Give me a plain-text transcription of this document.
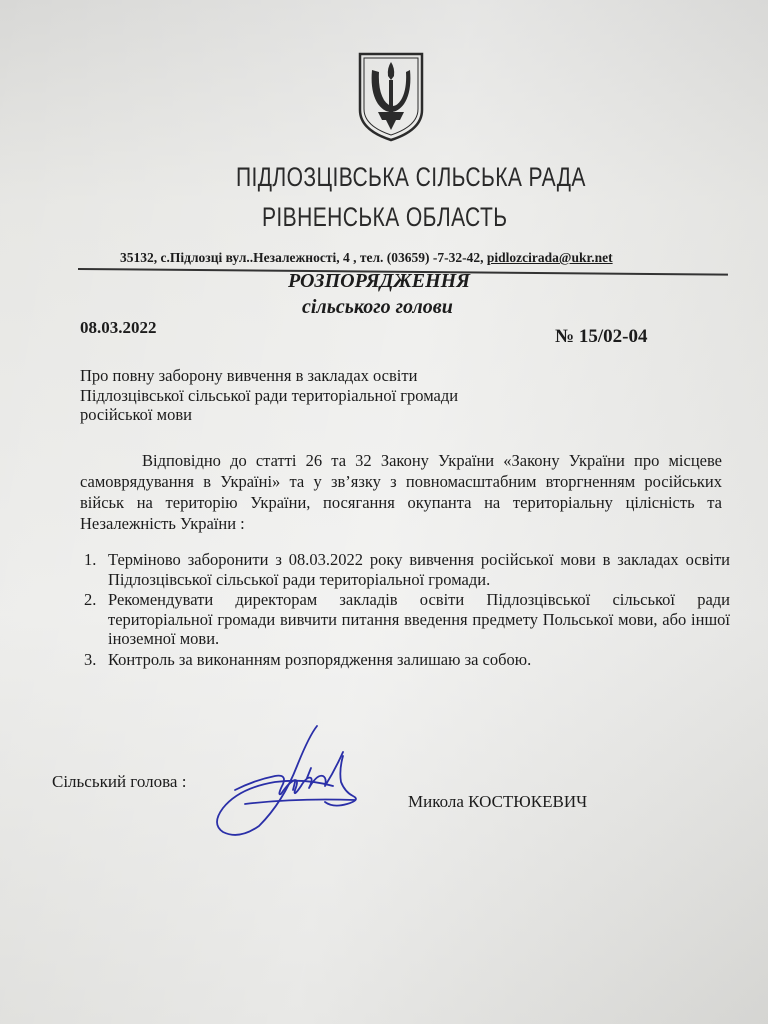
ПІДЛОЗЦІВСЬКА СІЛЬСЬКА РАДА
РІВНЕНСЬКА ОБЛАСТЬ
35132, с.Підлозці вул..Незалежності, 4 , тел. (03659) -7-32-42, pidlozcirada@ukr.net
РОЗПОРЯДЖЕННЯ
сільського голови
08.03.2022	№ 15/02-04
Про повну заборону вивчення в закладах освіти Підлозцівської сільської ради територіальної громади російської мови
Відповідно до статті 26 та 32 Закону України «Закону України про місцеве самоврядування в Україні» та у зв’язку з повномасштабним вторгненням російських військ на територію України, посягання окупанта на територіальну цілісність та Незалежність України :
1. Терміново заборонити з 08.03.2022 року вивчення російської мови в закладах освіти Підлозцівської сільської ради територіальної громади.
2. Рекомендувати директорам закладів освіти Підлозцівської сільської ради територіальної громади вивчити питання введення предмету Польської мови, або іншої іноземної мови.
3. Контроль за виконанням розпорядження залишаю за собою.
Сільський голова :
Микола КОСТЮКЕВИЧ
